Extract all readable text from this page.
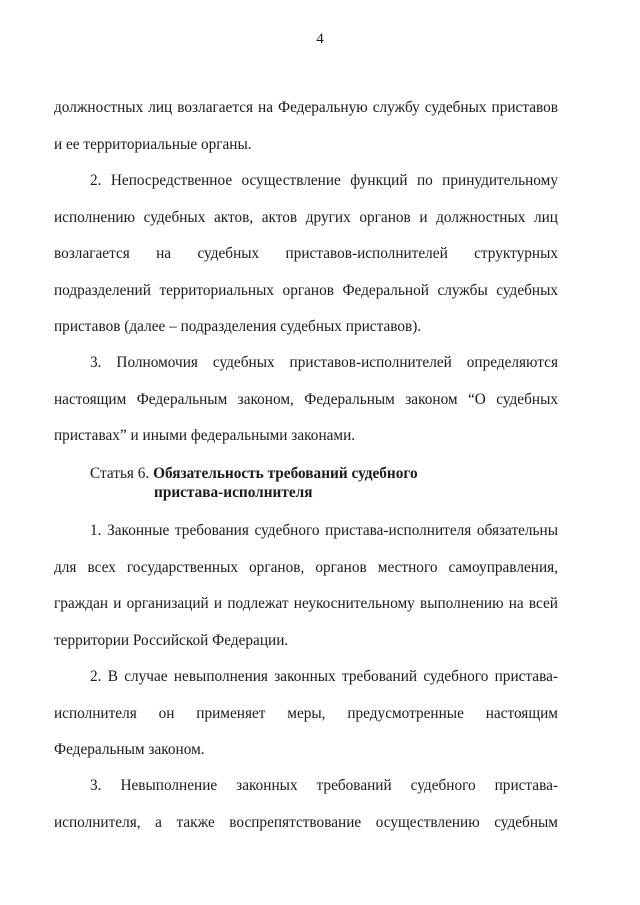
4

должностных лиц возлагается на Федеральную службу судебных приставов и ее территориальные органы.

2. Непосредственное осуществление функций по принудительному исполнению судебных актов, актов других органов и должностных лиц возлагается на судебных приставов-исполнителей структурных подразделений территориальных органов Федеральной службы судебных приставов (далее – подразделения судебных приставов).

3. Полномочия судебных приставов-исполнителей определяются настоящим Федеральным законом, Федеральным законом “О судебных приставах” и иными федеральными законами.

Статья 6. Обязательность требований судебного
пристава-исполнителя

1. Законные требования судебного пристава-исполнителя обязательны для всех государственных органов, органов местного самоуправления, граждан и организаций и подлежат неукоснительному выполнению на всей территории Российской Федерации.

2. В случае невыполнения законных требований судебного пристава-исполнителя он применяет меры, предусмотренные настоящим Федеральным законом.

3. Невыполнение законных требований судебного пристава-исполнителя, а также воспрепятствование осуществлению судебным
